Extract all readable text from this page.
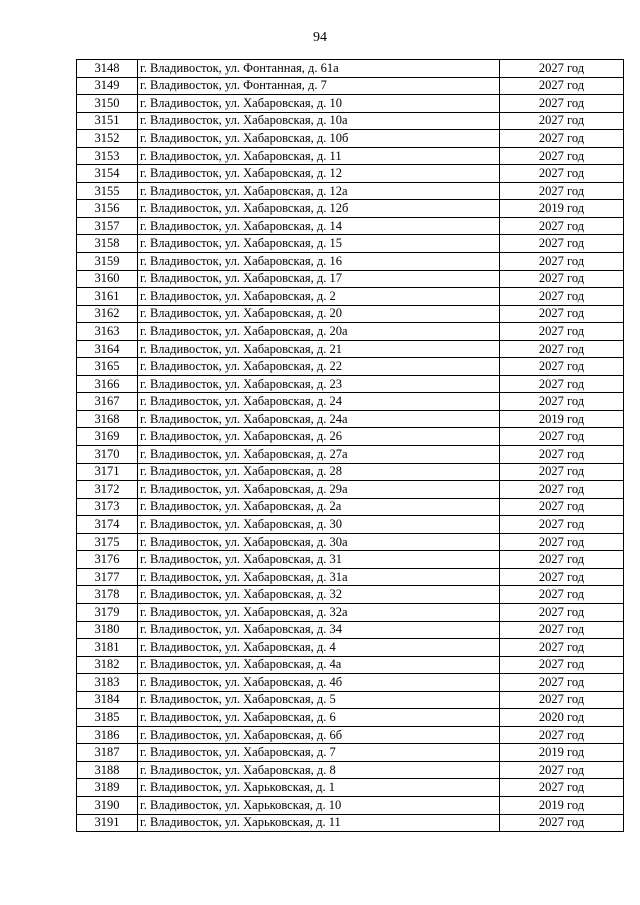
94
3148	г. Владивосток, ул. Фонтанная, д. 61а	2027 год
3149	г. Владивосток, ул. Фонтанная, д. 7	2027 год
3150	г. Владивосток, ул. Хабаровская, д. 10	2027 год
3151	г. Владивосток, ул. Хабаровская, д. 10а	2027 год
3152	г. Владивосток, ул. Хабаровская, д. 10б	2027 год
3153	г. Владивосток, ул. Хабаровская, д. 11	2027 год
3154	г. Владивосток, ул. Хабаровская, д. 12	2027 год
3155	г. Владивосток, ул. Хабаровская, д. 12а	2027 год
3156	г. Владивосток, ул. Хабаровская, д. 12б	2019 год
3157	г. Владивосток, ул. Хабаровская, д. 14	2027 год
3158	г. Владивосток, ул. Хабаровская, д. 15	2027 год
3159	г. Владивосток, ул. Хабаровская, д. 16	2027 год
3160	г. Владивосток, ул. Хабаровская, д. 17	2027 год
3161	г. Владивосток, ул. Хабаровская, д. 2	2027 год
3162	г. Владивосток, ул. Хабаровская, д. 20	2027 год
3163	г. Владивосток, ул. Хабаровская, д. 20а	2027 год
3164	г. Владивосток, ул. Хабаровская, д. 21	2027 год
3165	г. Владивосток, ул. Хабаровская, д. 22	2027 год
3166	г. Владивосток, ул. Хабаровская, д. 23	2027 год
3167	г. Владивосток, ул. Хабаровская, д. 24	2027 год
3168	г. Владивосток, ул. Хабаровская, д. 24а	2019 год
3169	г. Владивосток, ул. Хабаровская, д. 26	2027 год
3170	г. Владивосток, ул. Хабаровская, д. 27а	2027 год
3171	г. Владивосток, ул. Хабаровская, д. 28	2027 год
3172	г. Владивосток, ул. Хабаровская, д. 29а	2027 год
3173	г. Владивосток, ул. Хабаровская, д. 2а	2027 год
3174	г. Владивосток, ул. Хабаровская, д. 30	2027 год
3175	г. Владивосток, ул. Хабаровская, д. 30а	2027 год
3176	г. Владивосток, ул. Хабаровская, д. 31	2027 год
3177	г. Владивосток, ул. Хабаровская, д. 31а	2027 год
3178	г. Владивосток, ул. Хабаровская, д. 32	2027 год
3179	г. Владивосток, ул. Хабаровская, д. 32а	2027 год
3180	г. Владивосток, ул. Хабаровская, д. 34	2027 год
3181	г. Владивосток, ул. Хабаровская, д. 4	2027 год
3182	г. Владивосток, ул. Хабаровская, д. 4а	2027 год
3183	г. Владивосток, ул. Хабаровская, д. 4б	2027 год
3184	г. Владивосток, ул. Хабаровская, д. 5	2027 год
3185	г. Владивосток, ул. Хабаровская, д. 6	2020 год
3186	г. Владивосток, ул. Хабаровская, д. 6б	2027 год
3187	г. Владивосток, ул. Хабаровская, д. 7	2019 год
3188	г. Владивосток, ул. Хабаровская, д. 8	2027 год
3189	г. Владивосток, ул. Харьковская, д. 1	2027 год
3190	г. Владивосток, ул. Харьковская, д. 10	2019 год
3191	г. Владивосток, ул. Харьковская, д. 11	2027 год
